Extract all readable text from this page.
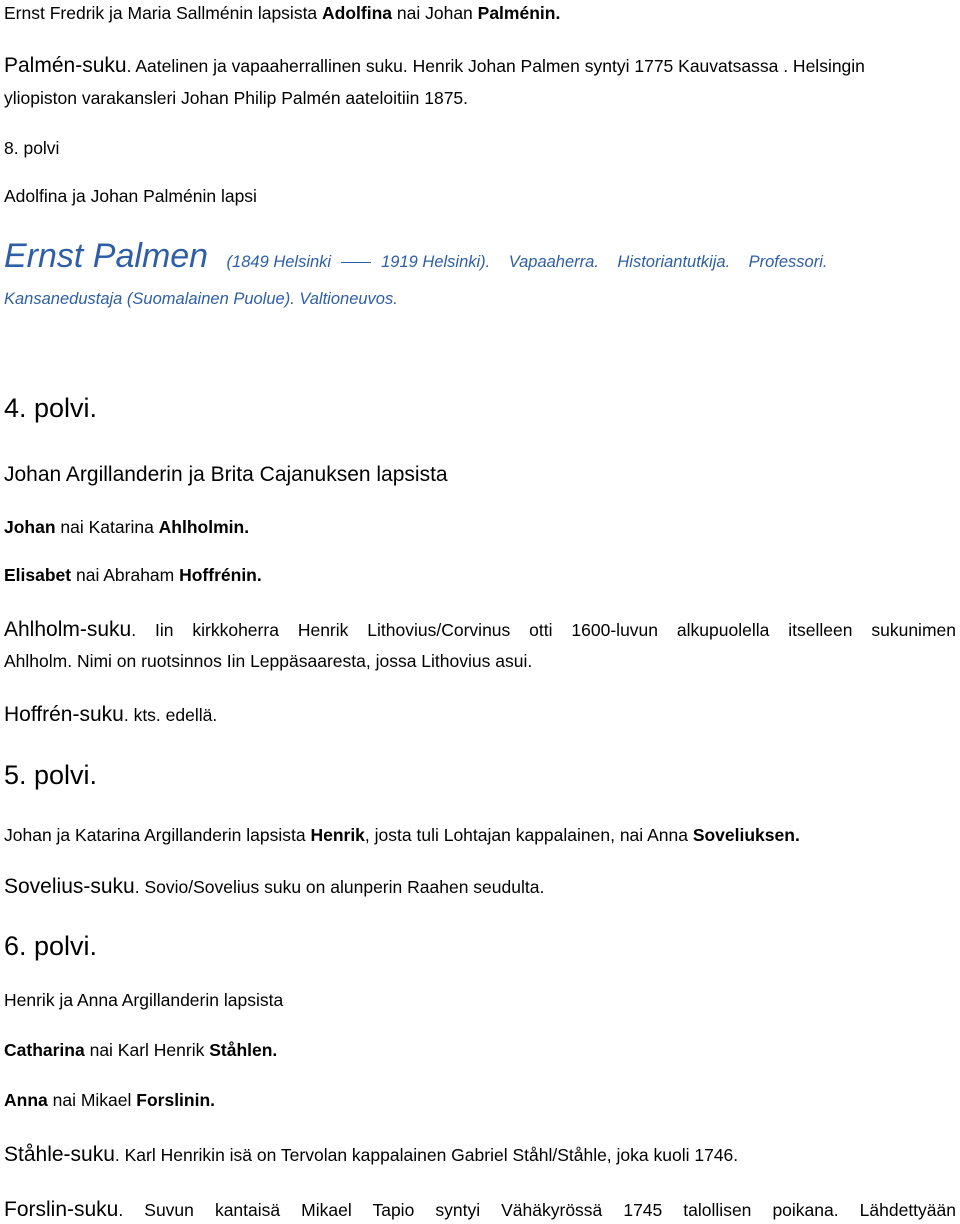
Ernst Fredrik ja Maria Sallménin lapsista Adolfina nai Johan Palménin.
Palmén-suku. Aatelinen ja vapaaherrallinen suku. Henrik Johan Palmen syntyi 1775 Kauvatsassa . Helsingin
yliopiston varakansleri Johan Philip Palmén aateloitiin 1875.
8. polvi
Adolfina ja Johan Palménin lapsi
Ernst Palmen (1849 Helsinki	1919 Helsinki). Vapaaherra. Historiantutkija. Professori.
Kansanedustaja (Suomalainen Puolue). Valtioneuvos.
4. polvi.
Johan Argillanderin ja Brita Cajanuksen lapsista
Johan nai Katarina Ahlholmin.
Elisabet nai Abraham Hoffrénin.
Ahlholm-suku. Iin kirkkoherra Henrik Lithovius/Corvinus otti 1600-luvun alkupuolella itselleen sukunimen
Ahlholm. Nimi on ruotsinnos Iin Leppäsaaresta, jossa Lithovius asui.
Hoffrén-suku. kts. edellä.
5. polvi.
Johan ja Katarina Argillanderin lapsista Henrik, josta tuli Lohtajan kappalainen, nai Anna Soveliuksen.
Sovelius-suku. Sovio/Sovelius suku on alunperin Raahen seudulta.
6. polvi.
Henrik ja Anna Argillanderin lapsista
Catharina nai Karl Henrik Ståhlen.
Anna nai Mikael Forslinin.
Ståhle-suku. Karl Henrikin isä on Tervolan kappalainen Gabriel Ståhl/Ståhle, joka kuoli 1746.
Forslin-suku. Suvun kantaisä Mikael Tapio syntyi Vähäkyrössä 1745 talollisen poikana. Lähdettyään
